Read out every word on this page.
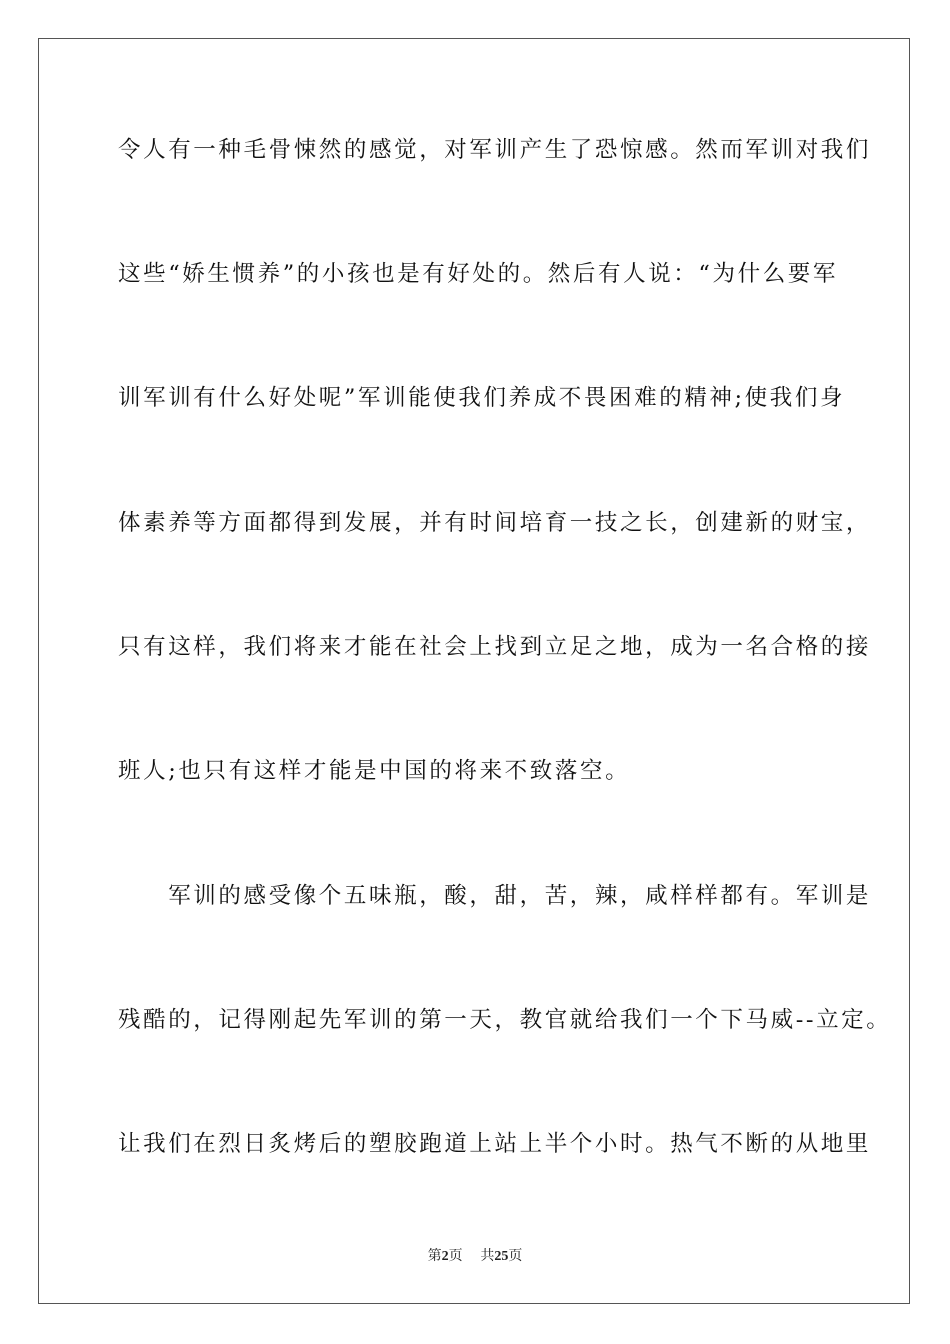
令人有一种毛骨悚然的感觉，对军训产生了恐惊感。然而军训对我们
这些“娇生惯养”的小孩也是有好处的。然后有人说：“为什么要军
训军训有什么好处呢”军训能使我们养成不畏困难的精神;使我们身
体素养等方面都得到发展，并有时间培育一技之长，创建新的财宝，
只有这样，我们将来才能在社会上找到立足之地，成为一名合格的接
班人;也只有这样才能是中国的将来不致落空。
　　军训的感受像个五味瓶，酸，甜，苦，辣，咸样样都有。军训是
残酷的，记得刚起先军训的第一天，教官就给我们一个下马威--立定。
让我们在烈日炙烤后的塑胶跑道上站上半个小时。热气不断的从地里
第2页 共25页
